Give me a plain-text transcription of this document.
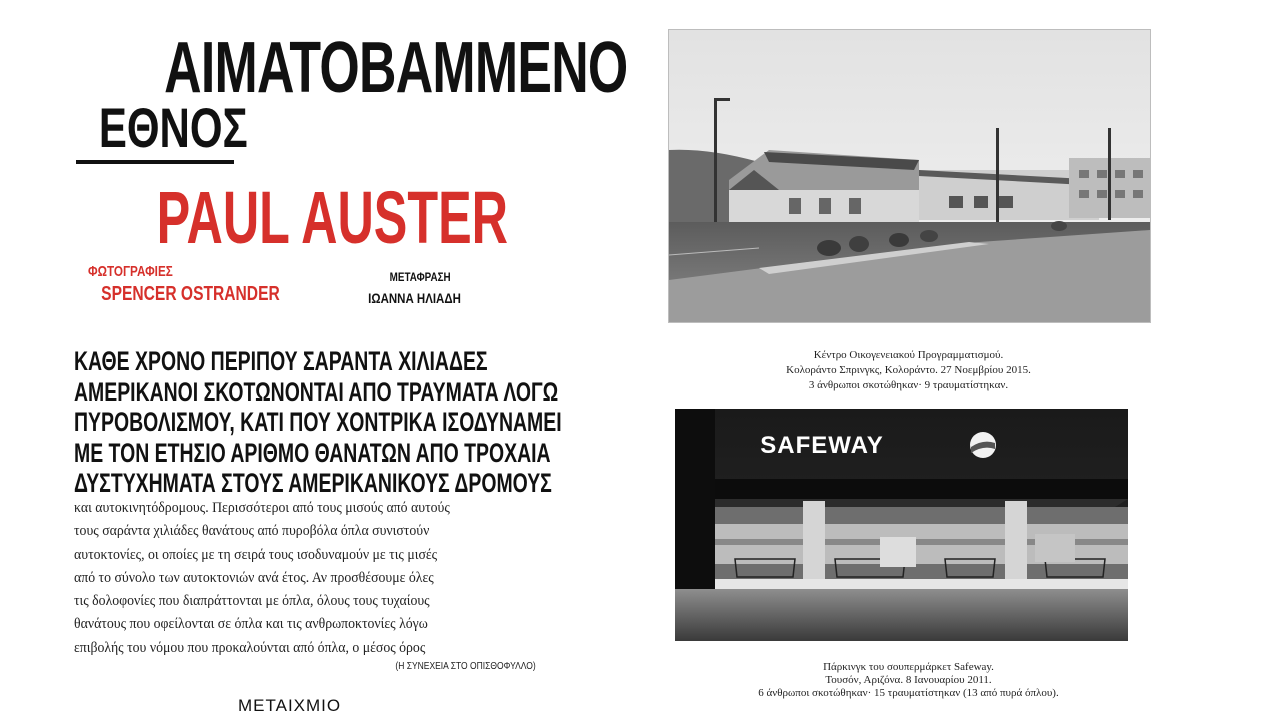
ΑΙΜΑΤΟΒΑΜΜΕΝΟ
ΕΘΝΟΣ
PAUL AUSTER
ΦΩΤΟΓΡΑΦΙΕΣ
SPENCER OSTRANDER
ΜΕΤΑΦΡΑΣΗ
ΙΩΑΝΝΑ ΗΛΙΑΔΗ
ΚΑΘΕ ΧΡΟΝΟ ΠΕΡΙΠΟΥ ΣΑΡΑΝΤΑ ΧΙΛΙΑΔΕΣ
ΑΜΕΡΙΚΑΝΟΙ ΣΚΟΤΩΝΟΝΤΑΙ ΑΠΟ ΤΡΑΥΜΑΤΑ ΛΟΓΩ
ΠΥΡΟΒΟΛΙΣΜΟΥ, ΚΑΤΙ ΠΟΥ ΧΟΝΤΡΙΚΑ ΙΣΟΔΥΝΑΜΕΙ
ΜΕ ΤΟΝ ΕΤΗΣΙΟ ΑΡΙΘΜΟ ΘΑΝΑΤΩΝ ΑΠΟ ΤΡΟΧΑΙΑ
ΔΥΣΤΥΧΗΜΑΤΑ ΣΤΟΥΣ ΑΜΕΡΙΚΑΝΙΚΟΥΣ ΔΡΟΜΟΥΣ
και αυτοκινητόδρομους. Περισσότεροι από τους μισούς από αυτούς
τους σαράντα χιλιάδες θανάτους από πυροβόλα όπλα συνιστούν
αυτοκτονίες, οι οποίες με τη σειρά τους ισοδυναμούν με τις μισές
από το σύνολο των αυτοκτονιών ανά έτος. Αν προσθέσουμε όλες
τις δολοφονίες που διαπράττονται με όπλα, όλους τους τυχαίους
θανάτους που οφείλονται σε όπλα και τις ανθρωποκτονίες λόγω
επιβολής του νόμου που προκαλούνται από όπλα, ο μέσος όρος
(Η ΣΥΝΕΧΕΙΑ ΣΤΟ ΟΠΙΣΘΟΦΥΛΛΟ)
ΜΕΤΑΙΧΜΙΟ
Κέντρο Οικογενειακού Προγραμματισμού.
Κολοράντο Σπρινγκς, Κολοράντο. 27 Νοεμβρίου 2015.
3 άνθρωποι σκοτώθηκαν· 9 τραυματίστηκαν.
SAFEWAY
Πάρκινγκ του σουπερμάρκετ Safeway.
Τουσόν, Αριζόνα. 8 Ιανουαρίου 2011.
6 άνθρωποι σκοτώθηκαν· 15 τραυματίστηκαν (13 από πυρά όπλου).
